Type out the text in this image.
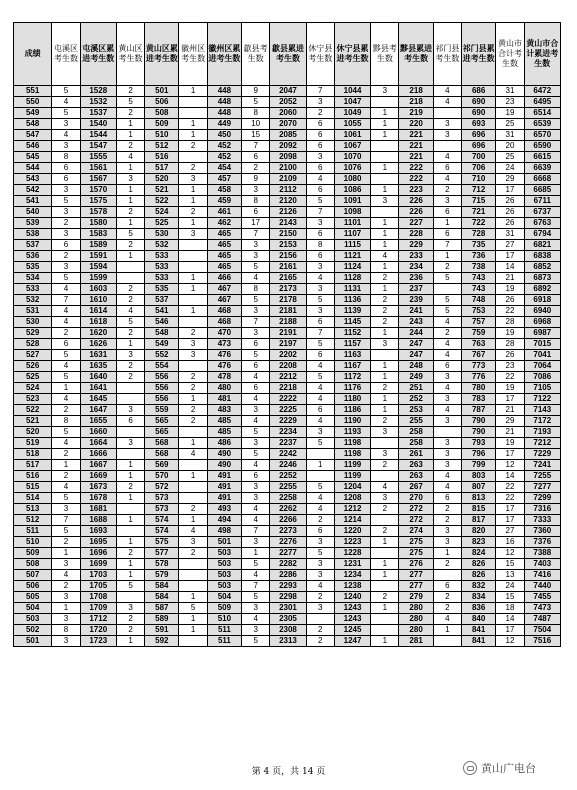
成绩	屯溪区考生数	屯溪区累进考生数	黄山区考生数	黄山区累进考生数	徽州区考生数	徽州区累进考生数	歙县考生数	歙县累进考生数	休宁县考生数	休宁县累进考生数	黟县考生数	黟县累进考生数	祁门县考生数	祁门县累进考生数	黄山市合计考生数	黄山市合计累进考生数
551	5	1528	2	501	1	448	9	2047	7	1044	3	218	4	686	31	6472
550	4	1532	5	506		448	5	2052	3	1047		218	4	690	23	6495
549	5	1537	2	508		448	8	2060	2	1049	1	219		690	19	6514
548	3	1540	1	509	1	449	10	2070	6	1055	1	220	3	693	25	6539
547	4	1544	1	510	1	450	15	2085	6	1061	1	221	3	696	31	6570
546	3	1547	2	512	2	452	7	2092	6	1067		221		696	20	6590
545	8	1555	4	516		452	6	2098	3	1070		221	4	700	25	6615
544	6	1561	1	517	2	454	2	2100	6	1076	1	222	6	706	24	6639
543	6	1567	3	520	3	457	9	2109	4	1080		222	4	710	29	6668
542	3	1570	1	521	1	458	3	2112	6	1086	1	223	2	712	17	6685
541	5	1575	1	522	1	459	8	2120	5	1091	3	226	3	715	26	6711
540	3	1578	2	524	2	461	6	2126	7	1098		226	6	721	26	6737
539	2	1580	1	525	1	462	17	2143	3	1101	1	227	1	722	26	6763
538	3	1583	5	530	3	465	7	2150	6	1107	1	228	6	728	31	6794
537	6	1589	2	532		465	3	2153	8	1115	1	229	7	735	27	6821
536	2	1591	1	533		465	3	2156	6	1121	4	233	1	736	17	6838
535	3	1594		533		465	5	2161	3	1124	1	234	2	738	14	6852
534	5	1599		533	1	466	4	2165	4	1128	2	236	5	743	21	6873
533	4	1603	2	535	1	467	8	2173	3	1131	1	237		743	19	6892
532	7	1610	2	537		467	5	2178	5	1136	2	239	5	748	26	6918
531	4	1614	4	541	1	468	3	2181	3	1139	2	241	5	753	22	6940
530	4	1618	5	546		468	7	2188	6	1145	2	243	4	757	28	6968
529	2	1620	2	548	2	470	3	2191	7	1152	1	244	2	759	19	6987
528	6	1626	1	549	3	473	6	2197	5	1157	3	247	4	763	28	7015
527	5	1631	3	552	3	476	5	2202	6	1163		247	4	767	26	7041
526	4	1635	2	554		476	6	2208	4	1167	1	248	6	773	23	7064
525	5	1640	2	556	2	478	4	2212	5	1172	1	249	3	776	22	7086
524	1	1641		556	2	480	6	2218	4	1176	2	251	4	780	19	7105
523	4	1645		556	1	481	4	2222	4	1180	1	252	3	783	17	7122
522	2	1647	3	559	2	483	3	2225	6	1186	1	253	4	787	21	7143
521	8	1655	6	565	2	485	4	2229	4	1190	2	255	3	790	29	7172
520	5	1660		565		485	5	2234	3	1193	3	258		790	21	7193
519	4	1664	3	568	1	486	3	2237	5	1198		258	3	793	19	7212
518	2	1666		568	4	490	5	2242		1198	3	261	3	796	17	7229
517	1	1667	1	569		490	4	2246	1	1199	2	263	3	799	12	7241
516	2	1669	1	570	1	491	6	2252		1199		263	4	803	14	7255
515	4	1673	2	572		491	3	2255	5	1204	4	267	4	807	22	7277
514	5	1678	1	573		491	3	2258	4	1208	3	270	6	813	22	7299
513	3	1681		573	2	493	4	2262	4	1212	2	272	2	815	17	7316
512	7	1688	1	574	1	494	4	2266	2	1214		272	2	817	17	7333
511	5	1693		574	4	498	7	2273	6	1220	2	274	3	820	27	7360
510	2	1695	1	575	3	501	3	2276	3	1223	1	275	3	823	16	7376
509	1	1696	2	577	2	503	1	2277	5	1228		275	1	824	12	7388
508	3	1699	1	578		503	5	2282	3	1231	1	276	2	826	15	7403
507	4	1703	1	579		503	4	2286	3	1234	1	277		826	13	7416
506	2	1705	5	584		503	7	2293	4	1238		277	6	832	24	7440
505	3	1708		584	1	504	5	2298	2	1240	2	279	2	834	15	7455
504	1	1709	3	587	5	509	3	2301	3	1243	1	280	2	836	18	7473
503	3	1712	2	589	1	510	4	2305		1243		280	4	840	14	7487
502	8	1720	2	591	1	511	3	2308	2	1245		280	1	841	17	7504
501	3	1723	1	592		511	5	2313	2	1247	1	281		841	12	7516
第 4 页，共 14 页	黄山广电台
